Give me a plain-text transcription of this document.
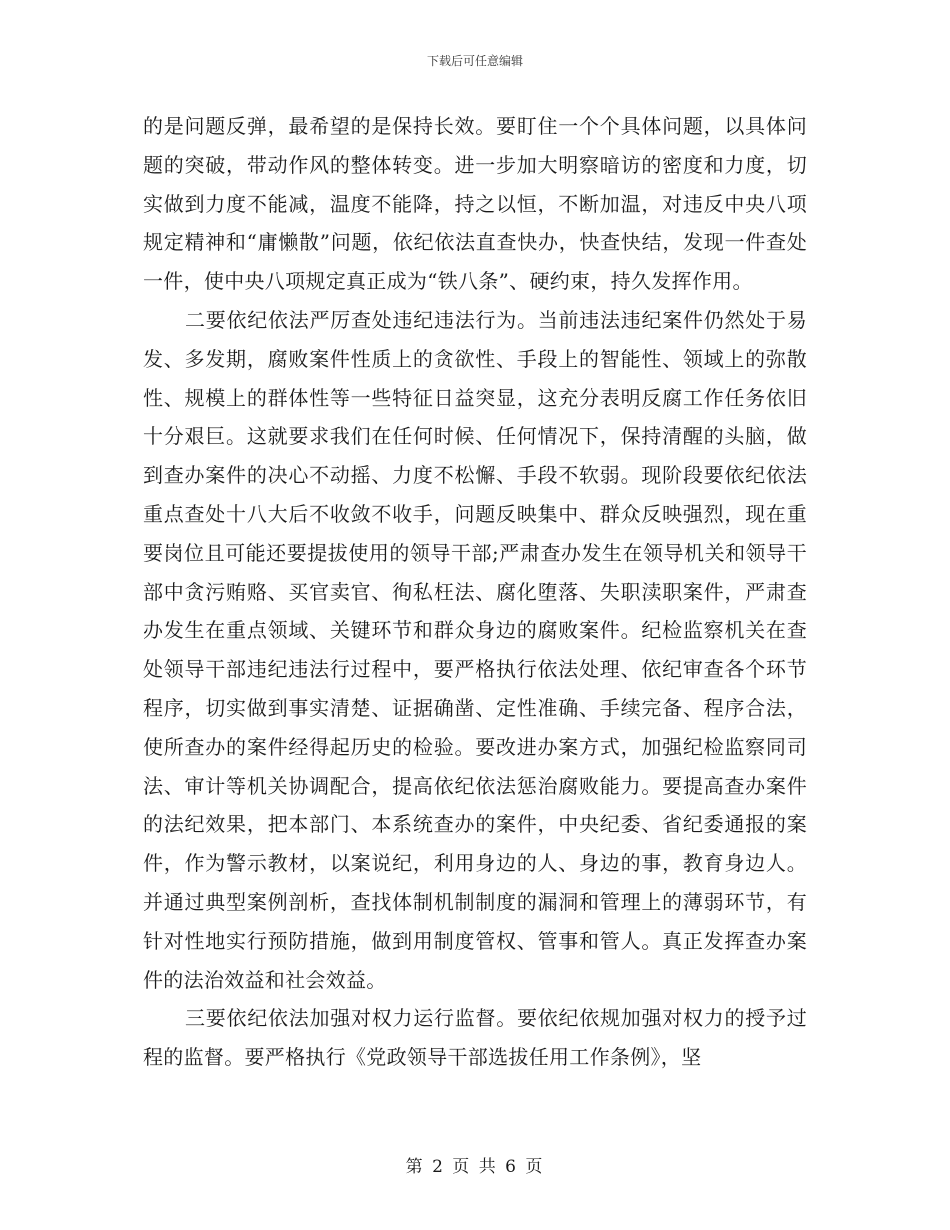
下载后可任意编辑

的是问题反弹，最希望的是保持长效。要盯住一个个具体问题，以具体问题的突破，带动作风的整体转变。进一步加大明察暗访的密度和力度，切实做到力度不能减，温度不能降，持之以恒，不断加温，对违反中央八项规定精神和“庸懒散”问题，依纪依法直查快办，快查快结，发现一件查处一件，使中央八项规定真正成为“铁八条”、硬约束，持久发挥作用。

二要依纪依法严厉查处违纪违法行为。当前违法违纪案件仍然处于易发、多发期，腐败案件性质上的贪欲性、手段上的智能性、领域上的弥散性、规模上的群体性等一些特征日益突显，这充分表明反腐工作任务依旧十分艰巨。这就要求我们在任何时候、任何情况下，保持清醒的头脑，做到查办案件的决心不动摇、力度不松懈、手段不软弱。现阶段要依纪依法重点查处十八大后不收敛不收手，问题反映集中、群众反映强烈，现在重要岗位且可能还要提拔使用的领导干部;严肃查办发生在领导机关和领导干部中贪污贿赂、买官卖官、徇私枉法、腐化堕落、失职渎职案件，严肃查办发生在重点领域、关键环节和群众身边的腐败案件。纪检监察机关在查处领导干部违纪违法行过程中，要严格执行依法处理、依纪审查各个环节程序，切实做到事实清楚、证据确凿、定性准确、手续完备、程序合法，使所查办的案件经得起历史的检验。要改进办案方式，加强纪检监察同司法、审计等机关协调配合，提高依纪依法惩治腐败能力。要提高查办案件的法纪效果，把本部门、本系统查办的案件，中央纪委、省纪委通报的案件，作为警示教材，以案说纪，利用身边的人、身边的事，教育身边人。并通过典型案例剖析，查找体制机制制度的漏洞和管理上的薄弱环节，有针对性地实行预防措施，做到用制度管权、管事和管人。真正发挥查办案件的法治效益和社会效益。

三要依纪依法加强对权力运行监督。要依纪依规加强对权力的授予过程的监督。要严格执行《党政领导干部选拔任用工作条例》，坚

第 2 页 共 6 页
